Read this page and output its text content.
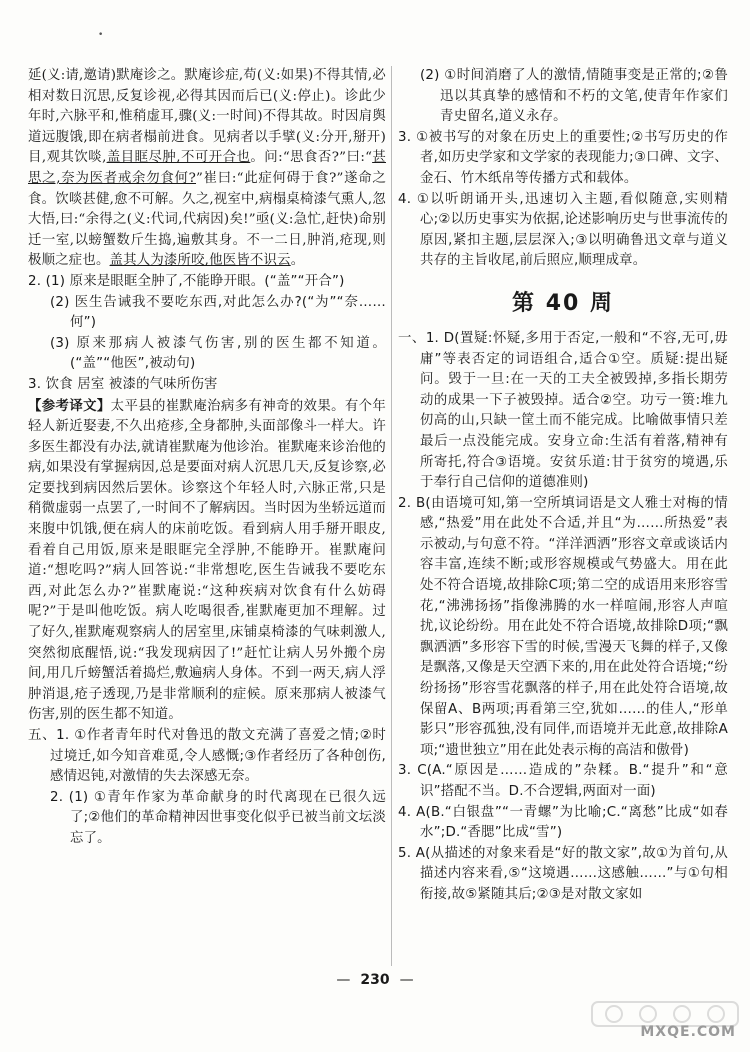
•

延(义:请,邀请)默庵诊之。默庵诊症,苟(义:如果)不得其情,必相对数日沉思,反复诊视,必得其因而后已(义:停止)。诊此少年时,六脉平和,惟稍虚耳,骤(义:一时间)不得其故。时因肩舆道远腹饿,即在病者榻前进食。见病者以手擘(义:分开,掰开)目,观其饮啖,盖目眶尽肿,不可开合也。问:“思食否?”曰:“甚思之,奈为医者戒余勿食何?”崔曰:“此症何碍于食?”遂命之食。饮啖甚健,愈不可解。久之,视室中,病榻桌椅漆气熏人,忽大悟,曰:“余得之(义:代词,代病因)矣!”亟(义:急忙,赶快)命别迁一室,以螃蟹数斤生捣,遍敷其身。不一二日,肿消,疮现,则极顺之症也。盖其人为漆所咬,他医皆不识云。

2. (1) 原来是眼眶全肿了,不能睁开眼。(“盖”“开合”)

(2) 医生告诫我不要吃东西,对此怎么办?(“为”“奈……何”)

(3) 原来那病人被漆气伤害,别的医生都不知道。(“盖”“他医”,被动句)

3. 饮食 居室 被漆的气味所伤害

【参考译文】太平县的崔默庵治病多有神奇的效果。有个年轻人新近娶妻,不久出疮疹,全身都肿,头面部像斗一样大。许多医生都没有办法,就请崔默庵为他诊治。崔默庵来诊治他的病,如果没有掌握病因,总是要面对病人沉思几天,反复诊察,必定要找到病因然后罢休。诊察这个年轻人时,六脉正常,只是稍微虚弱一点罢了,一时间不了解病因。当时因为坐轿远道而来腹中饥饿,便在病人的床前吃饭。看到病人用手掰开眼皮,看着自己用饭,原来是眼眶完全浮肿,不能睁开。崔默庵问道:“想吃吗?”病人回答说:“非常想吃,医生告诫我不要吃东西,对此怎么办?”崔默庵说:“这种疾病对饮食有什么妨碍呢?”于是叫他吃饭。病人吃喝很香,崔默庵更加不理解。过了好久,崔默庵观察病人的居室里,床铺桌椅漆的气味刺激人,突然彻底醒悟,说:“我发现病因了!”赶忙让病人另外搬个房间,用几斤螃蟹活着捣烂,敷遍病人身体。不到一两天,病人浮肿消退,疮子透现,乃是非常顺利的症候。原来那病人被漆气伤害,别的医生都不知道。

五、1. ①作者青年时代对鲁迅的散文充满了喜爱之情;②时过境迁,如今知音难觅,令人感慨;③作者经历了各种创伤,感情迟钝,对激情的失去深感无奈。

2. (1) ①青年作家为革命献身的时代离现在已很久远了;②他们的革命精神因世事变化似乎已被当前文坛淡忘了。

(2) ①时间消磨了人的激情,情随事变是正常的;②鲁迅以其真挚的感情和不朽的文笔,使青年作家们青史留名,道义永存。

3. ①被书写的对象在历史上的重要性;②书写历史的作者,如历史学家和文学家的表现能力;③口碑、文字、金石、竹木纸帛等传播方式和载体。

4. ①以听朗诵开头,迅速切入主题,看似随意,实则精心;②以历史事实为依据,论述影响历史与世事流传的原因,紧扣主题,层层深入;③以明确鲁迅文章与道义共存的主旨收尾,前后照应,顺理成章。

第 40 周

一、1. D(置疑:怀疑,多用于否定,一般和“不容,无可,毋庸”等表否定的词语组合,适合①空。质疑:提出疑问。毁于一旦:在一天的工夫全被毁掉,多指长期劳动的成果一下子被毁掉。适合②空。功亏一篑:堆九仞高的山,只缺一筐土而不能完成。比喻做事情只差最后一点没能完成。安身立命:生活有着落,精神有所寄托,符合③语境。安贫乐道:甘于贫穷的境遇,乐于奉行自己信仰的道德准则)

2. B(由语境可知,第一空所填词语是文人雅士对梅的情感,“热爱”用在此处不合适,并且“为……所热爱”表示被动,与句意不符。“洋洋洒洒”形容文章或谈话内容丰富,连续不断;或形容规模或气势盛大。用在此处不符合语境,故排除C项;第二空的成语用来形容雪花,“沸沸扬扬”指像沸腾的水一样喧闹,形容人声喧扰,议论纷纷。用在此处不符合语境,故排除D项;“飘飘洒洒”多形容下雪的时候,雪漫天飞舞的样子,又像是飘落,又像是天空洒下来的,用在此处符合语境;“纷纷扬扬”形容雪花飘落的样子,用在此处符合语境,故保留A、B两项;再看第三空,犹如……的佳人,“形单影只”形容孤独,没有同伴,而语境并无此意,故排除A项;“遗世独立”用在此处表示梅的高洁和傲骨)

3. C(A.“原因是……造成的”杂糅。B.“提升”和“意识”搭配不当。D.不合逻辑,两面对一面)

4. A(B.“白银盘”“一青螺”为比喻;C.“离愁”比成“如春水”;D.“香腮”比成“雪”)

5. A(从描述的对象来看是“好的散文家”,故①为首句,从描述内容来看,⑤“这境遇……这感触……”与①句相衔接,故⑤紧随其后;②③是对散文家如

— 230 —
MXQE.COM
